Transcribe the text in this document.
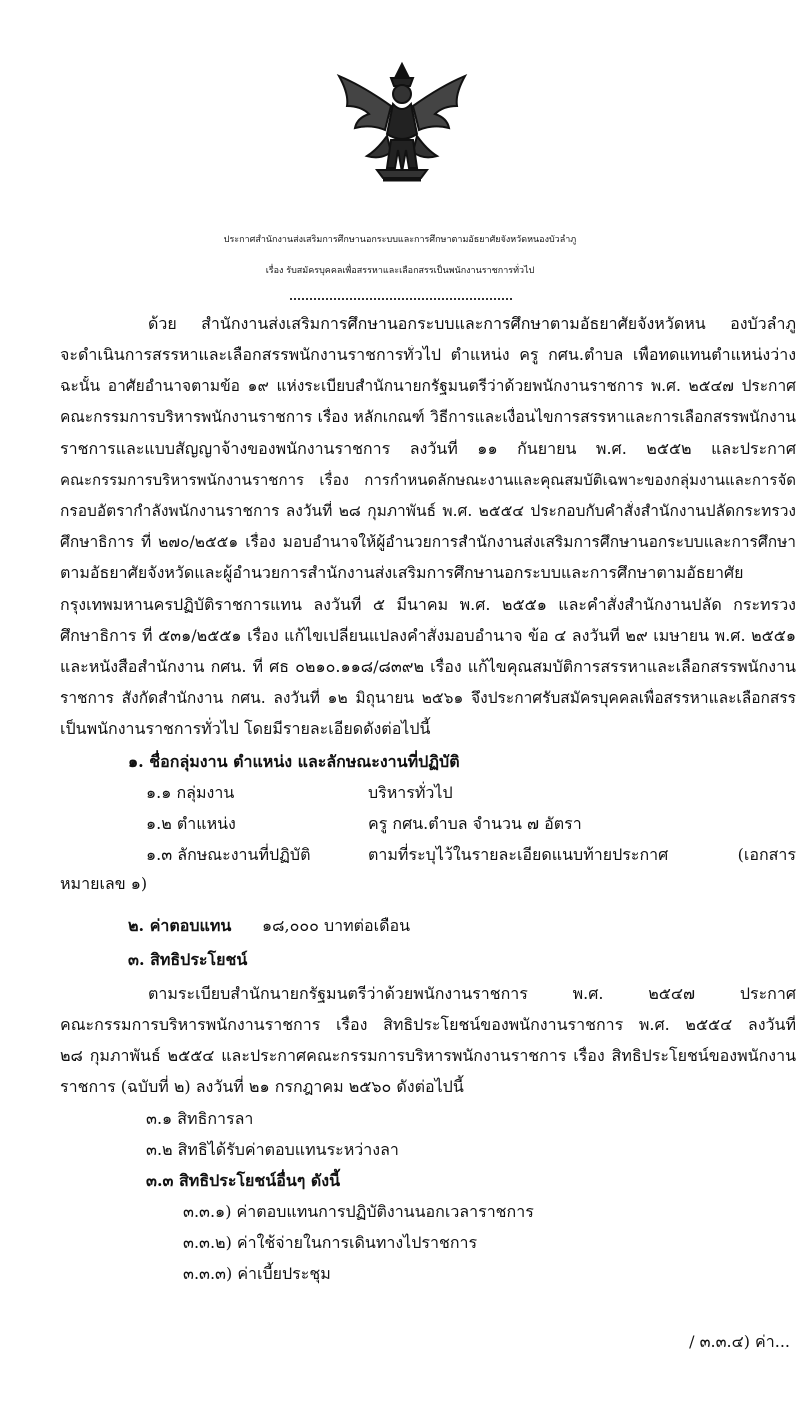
ประกาศสำนักงานส่งเสริมการศึกษานอกระบบและการศึกษาตามอัธยาศัยจังหวัดหนองบัวลำภู
เรื่อง รับสมัครบุคคลเพื่อสรรหาและเลือกสรรเป็นพนักงานราชการทั่วไป
ด้วย สำนักงานส่งเสริมการศึกษานอกระบบและการศึกษาตามอัธยาศัยจังหวัดหน องบัวลำภู
จะดำเนินการสรรหาและเลือกสรรพนักงานราชการทั่วไป ตำแหน่ง ครู กศน.ตำบล เพื่อทดแทนตำแหน่งว่าง
ฉะนั้น อาศัยอำนาจตามข้อ ๑๙ แห่งระเบียบสำนักนายกรัฐมนตรีว่าด้วยพนักงานราชการ พ.ศ. ๒๕๔๗ ประกาศ
คณะกรรมการบริหารพนักงานราชการ เรื่อง หลักเกณฑ์ วิธีการและเงื่อนไขการสรรหาและการเลือกสรรพนักงาน
ราชการและแบบสัญญาจ้างของพนักงานราชการ ลงวันที่ ๑๑ กันยายน พ.ศ. ๒๕๕๒ และประกาศ
คณะกรรมการบริหารพนักงานราชการ เรื่อง การกำหนดลักษณะงานและคุณสมบัติเฉพาะของกลุ่มงานและการจัด
กรอบอัตรากำลังพนักงานราชการ ลงวันที่ ๒๘ กุมภาพันธ์ พ.ศ. ๒๕๕๔ ประกอบกับคำสั่งสำนักงานปลัดกระทรวง
ศึกษาธิการ ที่ ๒๗๐/๒๕๕๑ เรื่อง มอบอำนาจให้ผู้อำนวยการสำนักงานส่งเสริมการศึกษานอกระบบและการศึกษา
ตามอัธยาศัยจังหวัดและผู้อำนวยการสำนักงานส่งเสริมการศึกษานอกระบบและการศึกษาตามอัธยาศัย
กรุงเทพมหานครปฏิบัติราชการแทน ลงวันที่ ๕ มีนาคม พ.ศ. ๒๕๕๑ และคำสั่งสำนักงานปลัด กระทรวง
ศึกษาธิการ ที่ ๕๓๑/๒๕๕๑ เรื่อง แก้ไขเปลี่ยนแปลงคำสั่งมอบอำนาจ ข้อ ๔ ลงวันที่ ๒๙ เมษายน พ.ศ. ๒๕๕๑
และหนังสือสำนักงาน กศน. ที่ ศธ ๐๒๑๐.๑๑๘/๘๓๙๒ เรื่อง แก้ไขคุณสมบัติการสรรหาและเลือกสรรพนักงาน
ราชการ สังกัดสำนักงาน กศน. ลงวันที่ ๑๒ มิถุนายน ๒๕๖๑ จึงประกาศรับสมัครบุคคลเพื่อสรรหาและเลือกสรร
เป็นพนักงานราชการทั่วไป โดยมีรายละเอียดดังต่อไปนี้
๑. ชื่อกลุ่มงาน ตำแหน่ง และลักษณะงานที่ปฏิบัติ
๑.๑ กลุ่มงาน	บริหารทั่วไป
๑.๒ ตำแหน่ง	ครู กศน.ตำบล จำนวน ๗ อัตรา
๑.๓ ลักษณะงานที่ปฏิบัติ	ตามที่ระบุไว้ในรายละเอียดแนบท้ายประกาศ (เอกสาร
หมายเลข ๑)
๒. ค่าตอบแทน ๑๘,๐๐๐ บาทต่อเดือน
๓. สิทธิประโยชน์
ตามระเบียบสำนักนายกรัฐมนตรีว่าด้วยพนักงานราชการ พ.ศ. ๒๕๔๗ ประกาศ
คณะกรรมการบริหารพนักงานราชการ เรื่อง สิทธิประโยชน์ของพนักงานราชการ พ.ศ. ๒๕๕๔ ลงวันที่
๒๘ กุมภาพันธ์ ๒๕๕๔ และประกาศคณะกรรมการบริหารพนักงานราชการ เรื่อง สิทธิประโยชน์ของพนักงาน
ราชการ (ฉบับที่ ๒) ลงวันที่ ๒๑ กรกฎาคม ๒๕๖๐ ดังต่อไปนี้
๓.๑ สิทธิการลา
๓.๒ สิทธิได้รับค่าตอบแทนระหว่างลา
๓.๓ สิทธิประโยชน์อื่นๆ ดังนี้
๓.๓.๑) ค่าตอบแทนการปฏิบัติงานนอกเวลาราชการ
๓.๓.๒) ค่าใช้จ่ายในการเดินทางไปราชการ
๓.๓.๓) ค่าเบี้ยประชุม
/ ๓.๓.๔) ค่า...
